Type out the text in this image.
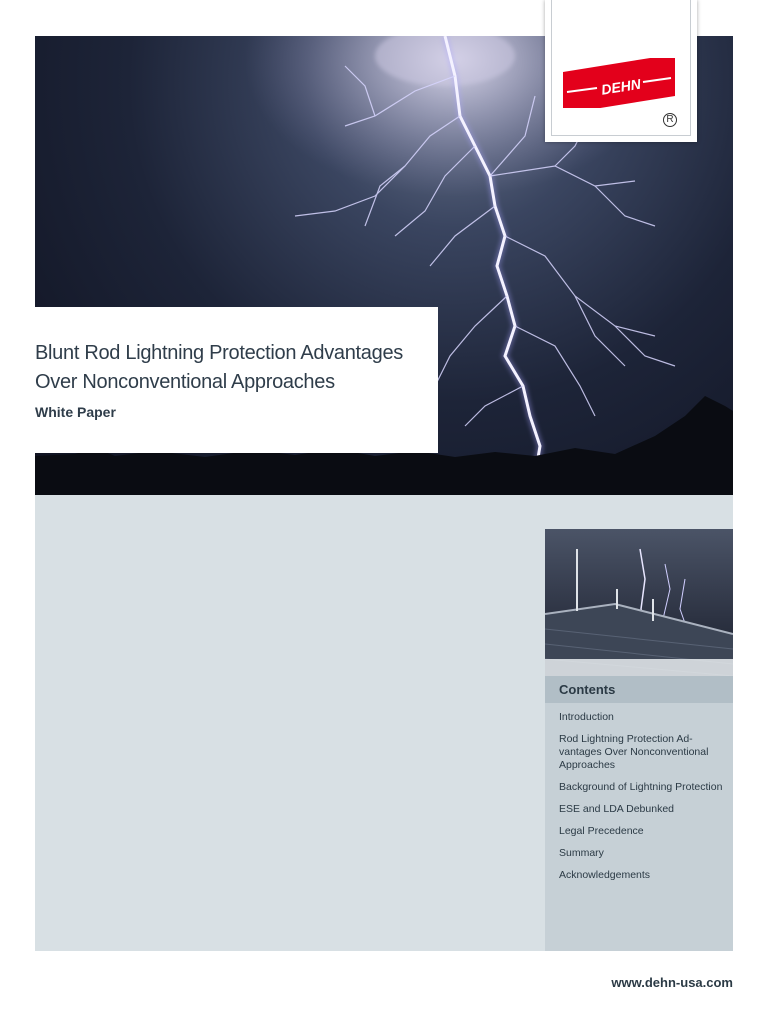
DEHN
R
Blunt Rod Lightning Protection Advantages
Over Nonconventional Approaches
White Paper
Contents
Introduction
Rod Lightning Protection Ad-vantages Over Nonconventional Approaches
Background of Lightning Protection
ESE and LDA Debunked
Legal Precedence
Summary
Acknowledgements
www.dehn-usa.com
